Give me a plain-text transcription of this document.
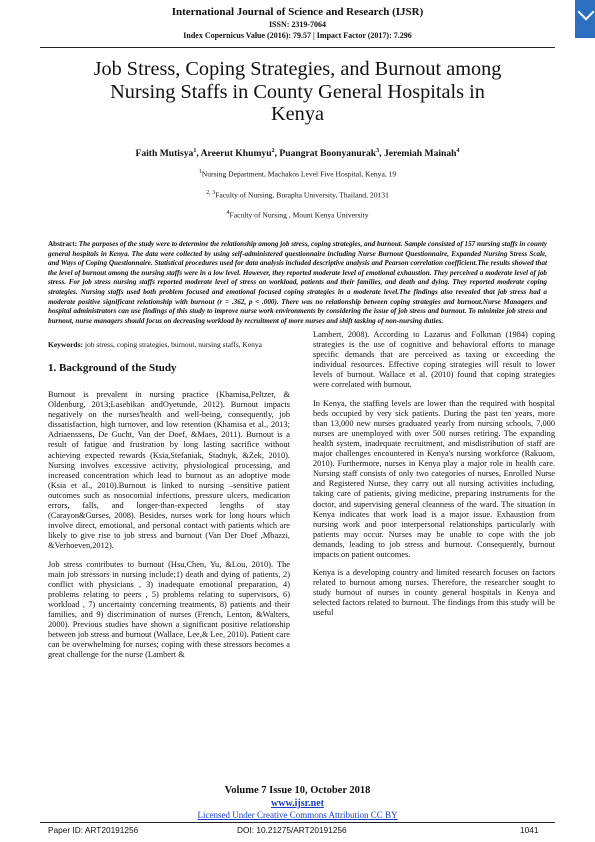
International Journal of Science and Research (IJSR)
ISSN: 2319-7064
Index Copernicus Value (2016): 79.57 | Impact Factor (2017): 7.296
Job Stress, Coping Strategies, and Burnout among
Nursing Staffs in County General Hospitals in
Kenya
Faith Mutisya$^1$, Areerut Khumyu$^2$, Puangrat Boonyanurak$^3$, Jeremiah Mainah$^4$
$^1$Nursing Department, Machakos Level Five Hospital, Kenya, 19
$^{2, 3}$Faculty of Nursing, Burapha University, Thailand, 20131
$^4$Faculty of Nursing , Mount Kenya University
Abstract: The purposes of the study were to determine the relationship among job stress, coping strategies, and burnout. Sample consisted of 157 nursing staffs in county general hospitals in Kenya. The data were collected by using self-administered questionnaire including Nurse Burnout Questionnaire, Expanded Nursing Stress Scale, and Ways of Coping Questionnaire. Statistical procedures used for data analysis included descriptive analysis and Pearson correlation coefficient.The results showed that the level of burnout among the nursing staffs were in a low level. However, they reported moderate level of emotional exhaustion. They perceived a moderate level of job stress. For job stress nursing staffs reported moderate level of stress on workload, patients and their families, and death and dying. They reported moderate coping strategies. Nursing staffs used both problem focused and emotional focused coping strategies in a moderate level.The findings also revealed that job stress had a moderate positive significant relationship with burnout (r = .362, p < .000). There was no relationship between coping strategies and burnout.Nurse Managers and hospital administrators can use findings of this study to improve nurse work environments by considering the issue of job stress and burnout. To minimize job stress and burnout, nurse managers should focus on decreasing workload by recruitment of more nurses and shift tasking of non-nursing duties.
Keywords: job stress, coping strategies, burnout, nursing staffs, Kenya
1. Background of the Study

Burnout is prevalent in nursing practice (Khamisa,Peltzer, & Oldenburg, 2013;Lasebikan andOyetunde, 2012). Burnout impacts negatively on the nurses'health and well-being, consequently, job dissatisfaction, high turnover, and low retention (Khamisa et al., 2013; Adriaenssens, De Gucht, Van der Doef, &Maes, 2011). Burnout is a result of fatigue and frustration by long lasting sacrifice without achieving expected rewards (Ksia,Stefaniak, Stadnyk, &Zek, 2010). Nursing involves excessive activity, physiological processing, and increased concentration which lead to burnout as an adoptive mode (Ksia et al., 2010).Burnout is linked to nursing –sensitive patient outcomes such as nosocomial infections, pressure ulcers, medication errors, falls, and longer-than-expected lengths of stay (Carayon&Gurses, 2008). Besides, nurses work for long hours which involve direct, emotional, and personal contact with patients which are likely to give rise to job stress and burnout (Van Der Doef ,Mbazzi, &Verhoeven,2012).

Job stress contributes to burnout (Hsu,Chen, Yu, &Lou, 2010). The main job stressors in nursing include;1) death and dying of patients, 2) conflict with physicians , 3) inadequate emotional preparation, 4) problems relating to peers , 5) problems relating to supervisors, 6) workload , 7) uncertainty concerning treatments, 8) patients and their families, and 9) discrimination of nurses (French, Lenton, &Walters, 2000). Previous studies have shown a significant positive relationship between job stress and burnout (Wallace, Lee,& Lee, 2010). Patient care can be overwhelming for nurses; coping with these stressors becomes a great challenge for the nurse (Lambert &

Lambert, 2008). According to Lazarus and Folkman (1984) coping strategies is the use of cognitive and behavioral efforts to manage specific demands that are perceived as taxing or exceeding the individual resources. Effective coping strategies will result to lower levels of burnout. Wallace et al. (2010) found that coping strategies were correlated with burnout.

In Kenya, the staffing levels are lower than the required with hospital beds occupied by very sick patients. During the past ten years, more than 13,000 new nurses graduated yearly from nursing schools, 7,000 nurses are unemployed with over 500 nurses retiring. The expanding health system, inadequate recruitment, and misdistribution of staff are major challenges encountered in Kenya's nursing workforce (Rakuom, 2010). Furthermore, nurses in Kenya play a major role in health care. Nursing staff consists of only two categories of nurses, Enrolled Nurse and Registered Nurse, they carry out all nursing activities including, taking care of patients, giving medicine, preparing instruments for the doctor, and supervising general cleanness of the ward. The situation in Kenya indicates that work load is a major issue. Exhaustion from nursing work and poor interpersonal relationships particularly with patients may occur. Nurses may be unable to cope with the job demands, leading to job stress and burnout. Consequently, burnout impacts on patient outcomes.

Kenya is a developing country and limited research focuses on factors related to burnout among nurses. Therefore, the researcher sought to study burnout of nurses in county general hospitals in Kenya and selected factors related to burnout. The findings from this study will be useful

Volume 7 Issue 10, October 2018
www.ijsr.net
Licensed Under Creative Commons Attribution CC BY
Paper ID: ART20191256	DOI: 10.21275/ART20191256	1041
